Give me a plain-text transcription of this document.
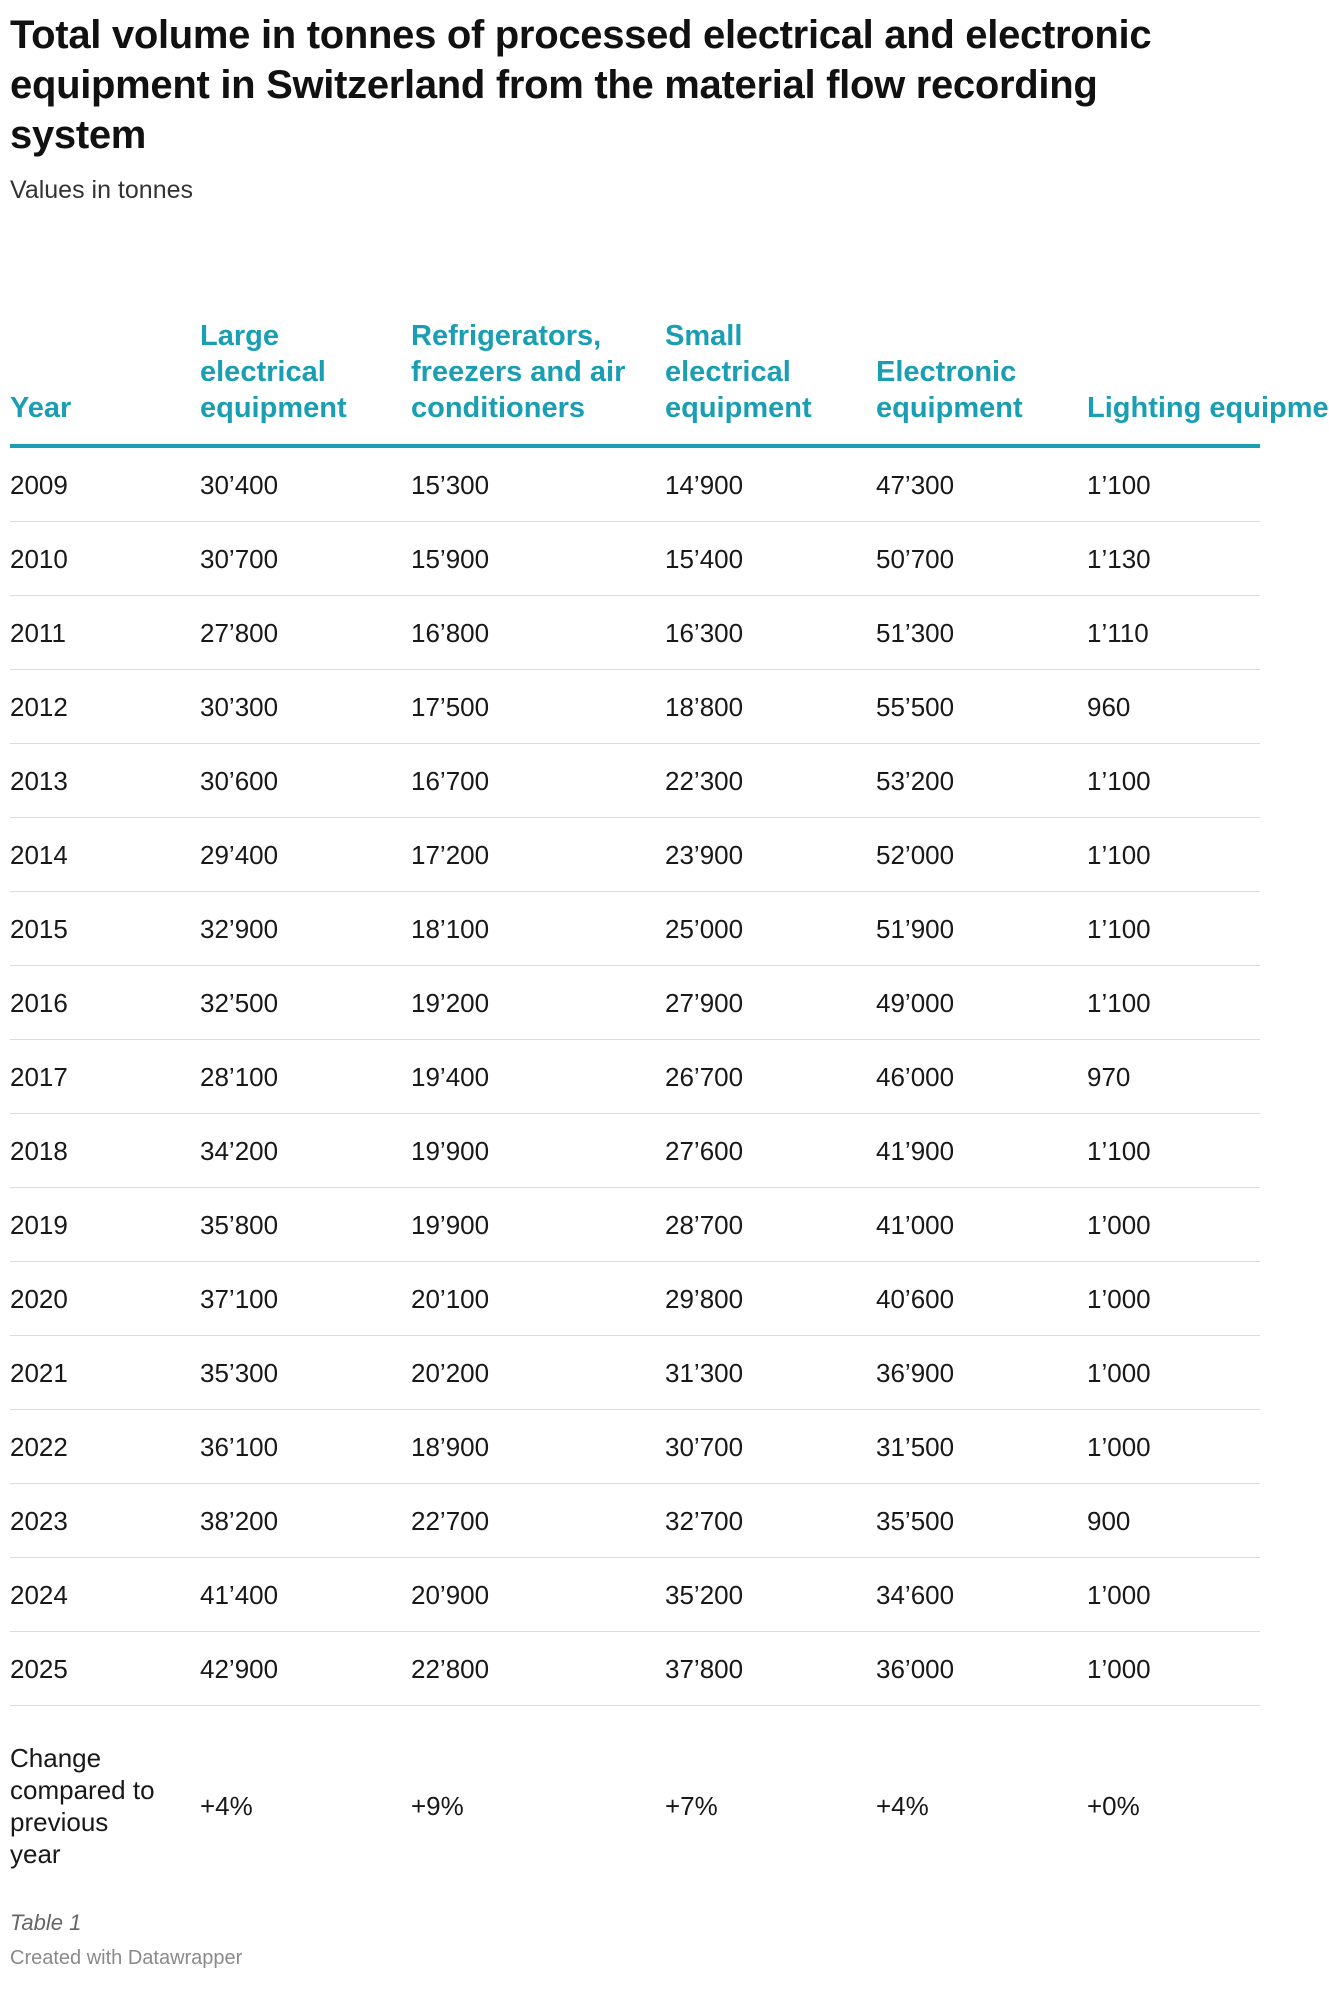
Total volume in tonnes of processed electrical and electronic equipment in Switzerland from the material flow recording system
Values in tonnes
Year	Large electrical equipment	Refrigerators, freezers and air conditioners	Small electrical equipment	Electronic equipment	Lighting equipme
2009	30’400	15’300	14’900	47’300	1’100
2010	30’700	15’900	15’400	50’700	1’130
2011	27’800	16’800	16’300	51’300	1’110
2012	30’300	17’500	18’800	55’500	960
2013	30’600	16’700	22’300	53’200	1’100
2014	29’400	17’200	23’900	52’000	1’100
2015	32’900	18’100	25’000	51’900	1’100
2016	32’500	19’200	27’900	49’000	1’100
2017	28’100	19’400	26’700	46’000	970
2018	34’200	19’900	27’600	41’900	1’100
2019	35’800	19’900	28’700	41’000	1’000
2020	37’100	20’100	29’800	40’600	1’000
2021	35’300	20’200	31’300	36’900	1’000
2022	36’100	18’900	30’700	31’500	1’000
2023	38’200	22’700	32’700	35’500	900
2024	41’400	20’900	35’200	34’600	1’000
2025	42’900	22’800	37’800	36’000	1’000
Change compared to previous year	+4%	+9%	+7%	+4%	+0%
Table 1
Created with Datawrapper
